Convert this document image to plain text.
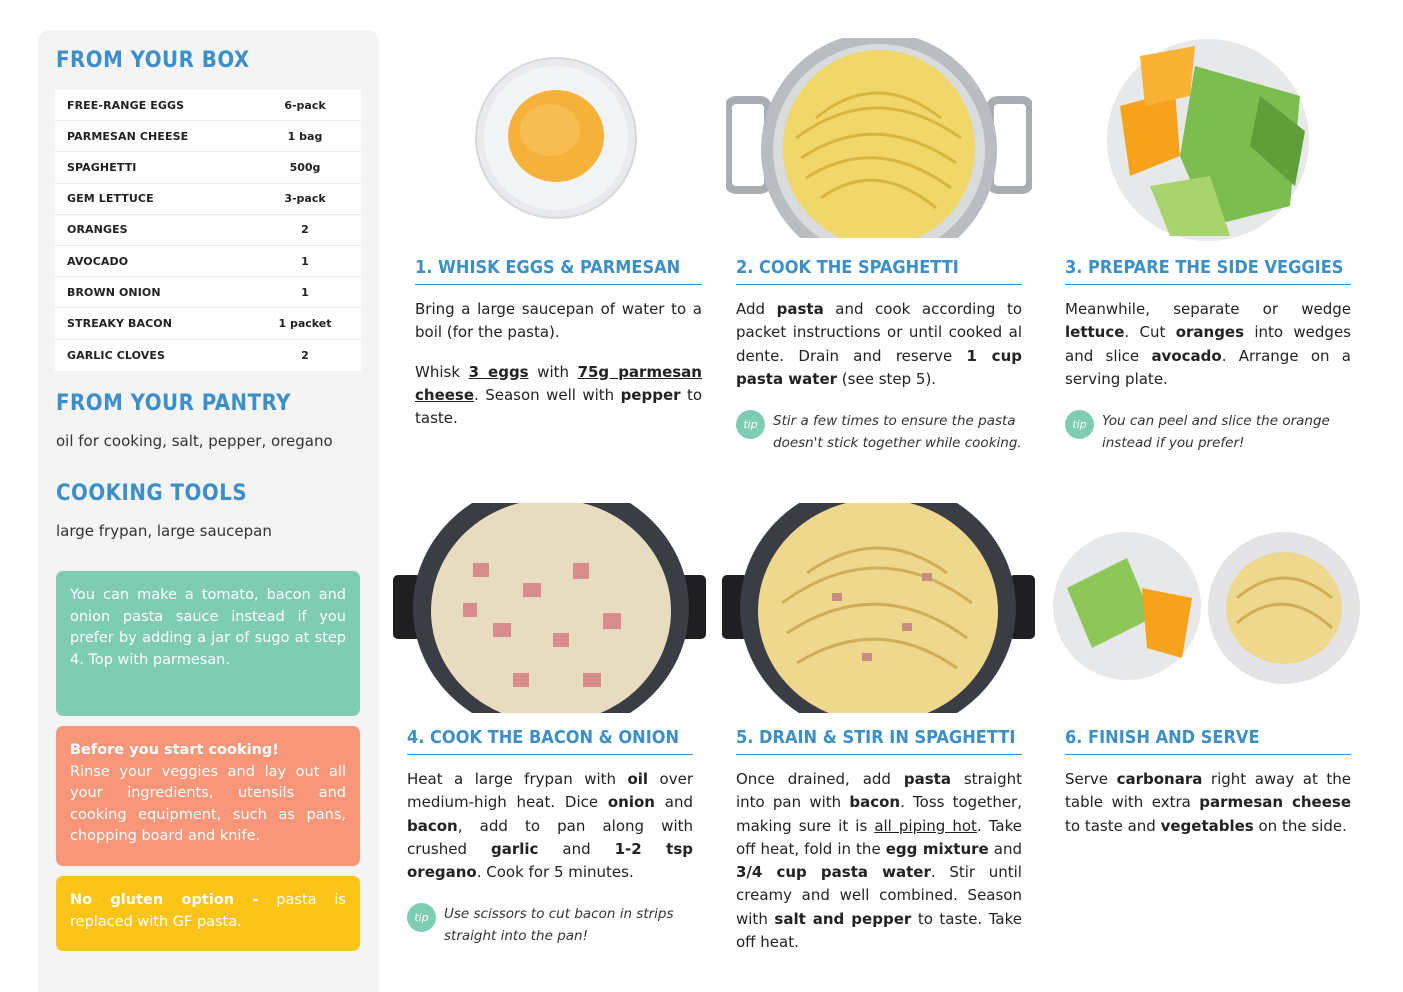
FROM YOUR BOX
FREE-RANGE EGGS	6-pack
PARMESAN CHEESE	1 bag
SPAGHETTI	500g
GEM LETTUCE	3-pack
ORANGES	2
AVOCADO	1
BROWN ONION	1
STREAKY BACON	1 packet
GARLIC CLOVES	2
FROM YOUR PANTRY
oil for cooking, salt, pepper, oregano
COOKING TOOLS
large frypan, large saucepan
You can make a tomato, bacon and onion pasta sauce instead if you prefer by adding a jar of sugo at step 4. Top with parmesan.
Before you start cooking!
Rinse your veggies and lay out all your ingredients, utensils and cooking equipment, such as pans, chopping board and knife.
No gluten option - pasta is replaced with GF pasta.
1. WHISK EGGS & PARMESAN

Bring a large saucepan of water to a boil (for the pasta).

Whisk 3 eggs with 75g parmesan cheese. Season well with pepper to taste.

2. COOK THE SPAGHETTI

Add pasta and cook according to packet instructions or until cooked al dente. Drain and reserve 1 cup pasta water (see step 5).

tip	Stir a few times to ensure the pasta doesn't stick together while cooking.
3. PREPARE THE SIDE VEGGIES

Meanwhile, separate or wedge lettuce. Cut oranges into wedges and slice avocado. Arrange on a serving plate.

tip	You can peel and slice the orange instead if you prefer!
4. COOK THE BACON & ONION

Heat a large frypan with oil over medium-high heat. Dice onion and bacon, add to pan along with crushed garlic and 1-2 tsp oregano. Cook for 5 minutes.

tip	Use scissors to cut bacon in strips straight into the pan!
5. DRAIN & STIR IN SPAGHETTI

Once drained, add pasta straight into pan with bacon. Toss together, making sure it is all piping hot. Take off heat, fold in the egg mixture and 3/4 cup pasta water. Stir until creamy and well combined. Season with salt and pepper to taste. Take off heat.

6. FINISH AND SERVE

Serve carbonara right away at the table with extra parmesan cheese to taste and vegetables on the side.
